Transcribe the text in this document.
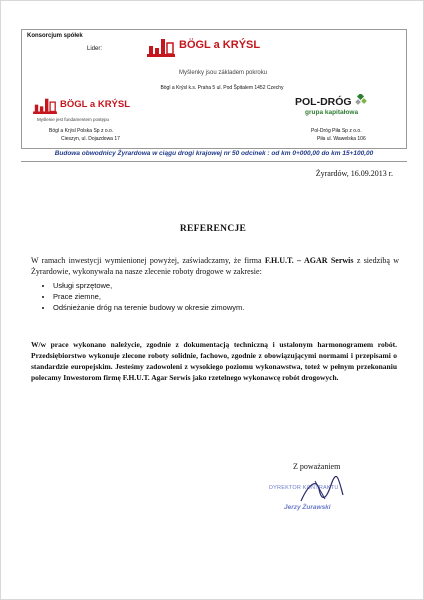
Konsorcjum spółek
Lider:	BÖGL a KRÝSL
Myšlenky jsou základem pokroku
Bögl a Krýsl k.s. Praha 5 ul. Pod Špitalem 1452 Czechy
BÖGL a KRÝSL
Myślenie jest fundamentem postępu
Bögl a Krýsl Polska Sp z o.o.
Cieszyn, ul. Dojazdowa 17
POL-DRÓG
grupa kapitałowa
Pol-Dróg Piła Sp z o.o.
Piła ul. Wawelska 106
Budowa obwodnicy Żyrardowa w ciągu drogi krajowej nr 50 odcinek : od km 0+000,00 do km 15+100,00
Żyrardów, 16.09.2013 r.
REFERENCJE
W ramach inwestycji wymienionej powyżej, zaświadczamy, że firma F.H.U.T. – AGAR Serwis z siedzibą w Żyrardowie, wykonywała na nasze zlecenie roboty drogowe w zakresie:
• Usługi sprzętowe,
• Prace ziemne,
• Odśnieżanie dróg na terenie budowy w okresie zimowym.
W/w prace wykonano należycie, zgodnie z dokumentacją techniczną i ustalonym harmonogramem robót. Przedsiębiorstwo wykonuje zlecone roboty solidnie, fachowo, zgodnie z obowiązującymi normami i przepisami o standardzie europejskim. Jesteśmy zadowoleni z wysokiego poziomu wykonawstwa, toteż w pełnym przekonaniu polecamy Inwestorom firmę F.H.U.T. Agar Serwis jako rzetelnego wykonawcę robót drogowych.
Z poważaniem
DYREKTOR KONTRAKTU
Jerzy Żurawski
